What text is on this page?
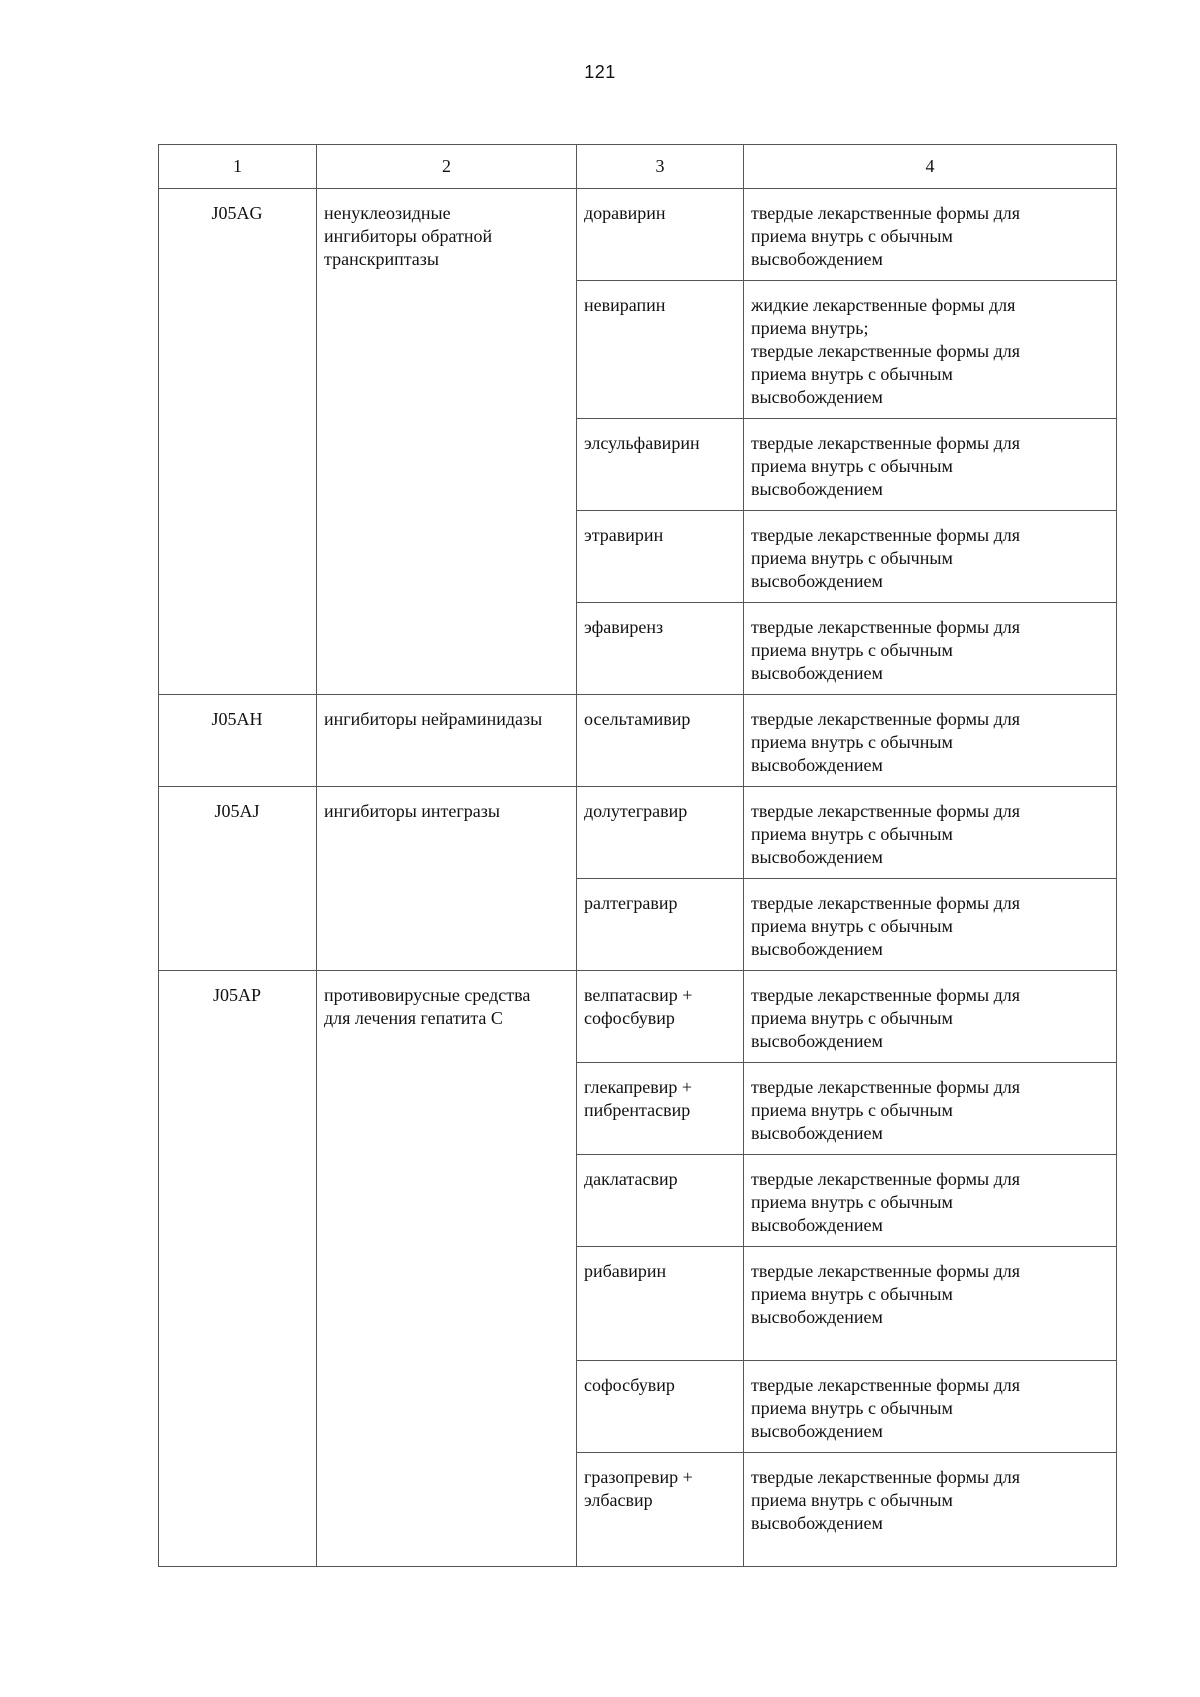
121
1	2	3	4
J05AG	ненуклеозидные
ингибиторы обратной
транскриптазы	доравирин	твердые лекарственные формы для
приема внутрь с обычным
высвобождением

		невирапин	жидкие лекарственные формы для
приема внутрь;
твердые лекарственные формы для
приема внутрь с обычным
высвобождением

		элсульфавирин	твердые лекарственные формы для
приема внутрь с обычным
высвобождением

		этравирин	твердые лекарственные формы для
приема внутрь с обычным
высвобождением

		эфавиренз	твердые лекарственные формы для
приема внутрь с обычным
высвобождением

J05AH	ингибиторы нейраминидазы	осельтамивир	твердые лекарственные формы для
приема внутрь с обычным
высвобождением

J05AJ	ингибиторы интегразы	долутегравир	твердые лекарственные формы для
приема внутрь с обычным
высвобождением

		ралтегравир	твердые лекарственные формы для
приема внутрь с обычным
высвобождением

J05AP	противовирусные средства
для лечения гепатита С	велпатасвир +
софосбувир	твердые лекарственные формы для
приема внутрь с обычным
высвобождением

		глекапревир +
пибрентасвир	твердые лекарственные формы для
приема внутрь с обычным
высвобождением

		даклатасвир	твердые лекарственные формы для
приема внутрь с обычным
высвобождением

		рибавирин	твердые лекарственные формы для
приема внутрь с обычным
высвобождением

		софосбувир	твердые лекарственные формы для
приема внутрь с обычным
высвобождением

		гразопревир +
элбасвир	твердые лекарственные формы для
приема внутрь с обычным
высвобождением
